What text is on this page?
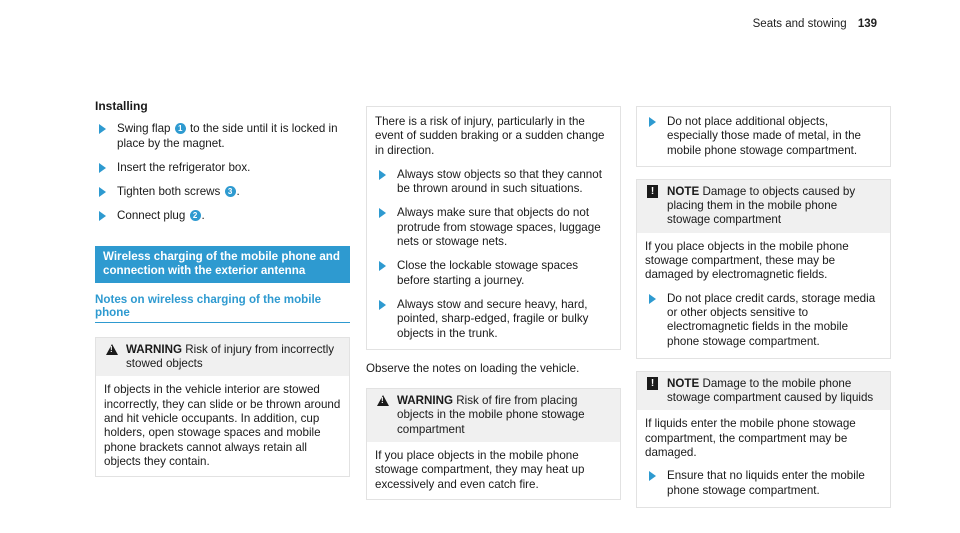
Seats and stowing 139
Installing
Swing flap 1 to the side until it is locked in place by the magnet.
Insert the refrigerator box.
Tighten both screws 3 .
Connect plug 2 .
Wireless charging of the mobile phone and connection with the exterior antenna
Notes on wireless charging of the mobile phone
!
WARNING Risk of injury from incorrectly stowed objects

If objects in the vehicle interior are stowed incorrectly, they can slide or be thrown around and hit vehicle occupants. In addition, cup holders, open stowage spaces and mobile phone brackets cannot always retain all objects they contain.

There is a risk of injury, particularly in the event of sudden braking or a sudden change in direction.

Always stow objects so that they cannot be thrown around in such situations.
Always make sure that objects do not protrude from stowage spaces, luggage nets or stowage nets.
Close the lockable stowage spaces before starting a journey.
Always stow and secure heavy, hard, pointed, sharp-edged, fragile or bulky objects in the trunk.

Observe the notes on loading the vehicle.

!
WARNING Risk of fire from placing objects in the mobile phone stowage compartment

If you place objects in the mobile phone stowage compartment, they may heat up excessively and even catch fire.

Do not place additional objects, especially those made of metal, in the mobile phone stowage compartment.
!	NOTE Damage to objects caused by placing them in the mobile phone stowage compartment

If you place objects in the mobile phone stowage compartment, these may be damaged by electromagnetic fields.

Do not place credit cards, storage media or other objects sensitive to electromagnetic fields in the mobile phone stowage compartment.
!	NOTE Damage to the mobile phone stowage compartment caused by liquids

If liquids enter the mobile phone stowage compartment, the compartment may be damaged.

Ensure that no liquids enter the mobile phone stowage compartment.
